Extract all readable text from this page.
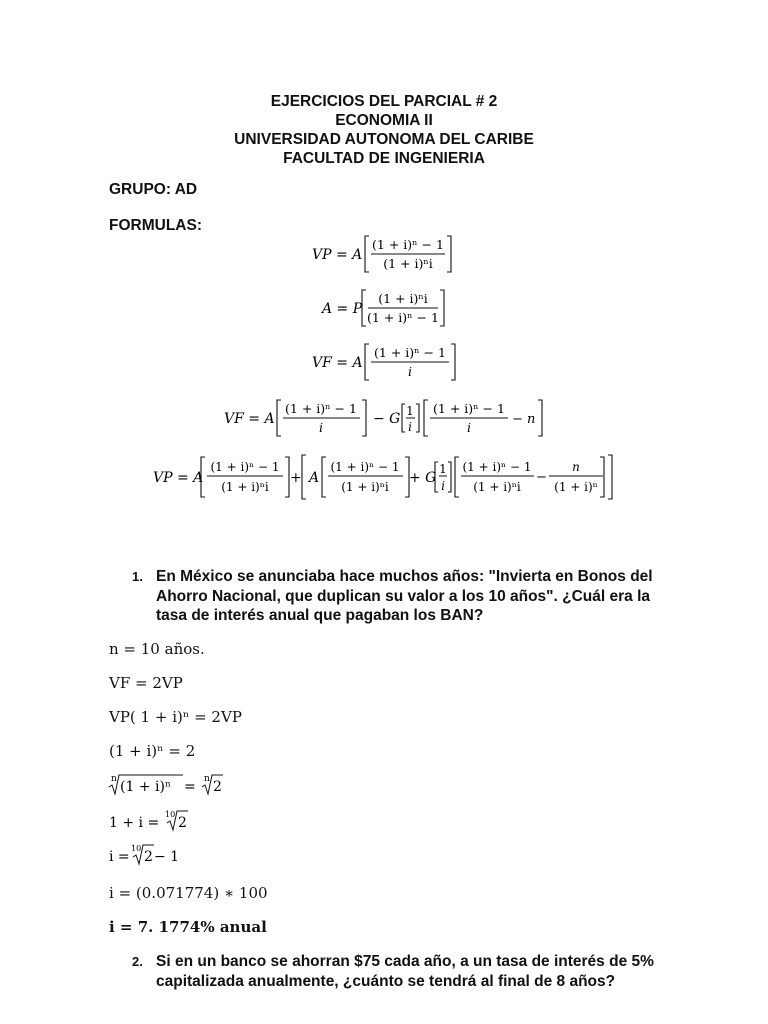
EJERCICIOS DEL PARCIAL # 2
ECONOMIA II
UNIVERSIDAD AUTONOMA DEL CARIBE
FACULTAD DE INGENIERIA
GRUPO: AD
FORMULAS:
VP = A
(1 + i)ⁿ − 1
(1 + i)ⁿi
A = P
(1 + i)ⁿi
(1 + i)ⁿ − 1
VF = A
(1 + i)ⁿ − 1
i
VF = A
(1 + i)ⁿ − 1
i
− G 1
i
(1 + i)ⁿ − 1
i
− n
VP = A
(1 + i)ⁿ − 1
(1 + i)ⁿi
+ A
(1 + i)ⁿ − 1
(1 + i)ⁿi
+ G
1
i
(1 + i)ⁿ − 1
(1 + i)ⁿi
−
n
(1 + i)ⁿ
1. En México se anunciaba hace muchos años: "Invierta en Bonos del Ahorro Nacional, que duplican su valor a los 10 años". ¿Cuál era la tasa de interés anual que pagaban los BAN?
n = 10 años.
VF = 2VP
VP( 1 + i)ⁿ = 2VP
(1 + i)ⁿ = 2
n (1 + i)ⁿ = n 2
1 + i =
10
2
i =
10
2 − 1
i = (0.071774) ∗ 100
i = 7. 1774% anual
2. Si en un banco se ahorran $75 cada año, a un tasa de interés de 5% capitalizada anualmente, ¿cuánto se tendrá al final de 8 años?
